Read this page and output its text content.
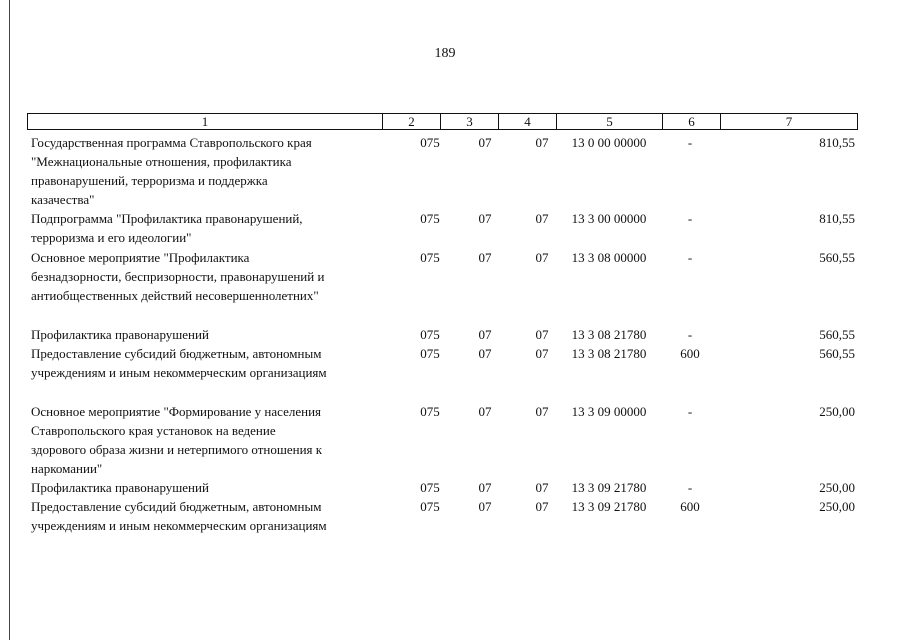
189
1	2	3	4	5	6	7
Государственная программа Ставропольского края
"Межнациональные отношения, профилактика
правонарушений, терроризма и поддержка
казачества"
075	07	07	13 0 00 00000	-	810,55
Подпрограмма "Профилактика правонарушений,
терроризма и его идеологии"
075	07	07	13 3 00 00000	-	810,55
Основное мероприятие "Профилактика
безнадзорности, беспризорности, правонарушений и
антиобщественных действий несовершеннолетних"
075	07	07	13 3 08 00000	-	560,55
Профилактика правонарушений	075	07	07	13 3 08 21780	-	560,55
Предоставление субсидий бюджетным, автономным
учреждениям и иным некоммерческим организациям
075	07	07	13 3 08 21780	600	560,55
Основное мероприятие "Формирование у населения
Ставропольского края установок на ведение
здорового образа жизни и нетерпимого отношения к
наркомании"
075	07	07	13 3 09 00000	-	250,00
Профилактика правонарушений	075	07	07	13 3 09 21780	-	250,00
Предоставление субсидий бюджетным, автономным
учреждениям и иным некоммерческим организациям
075	07	07	13 3 09 21780	600	250,00
